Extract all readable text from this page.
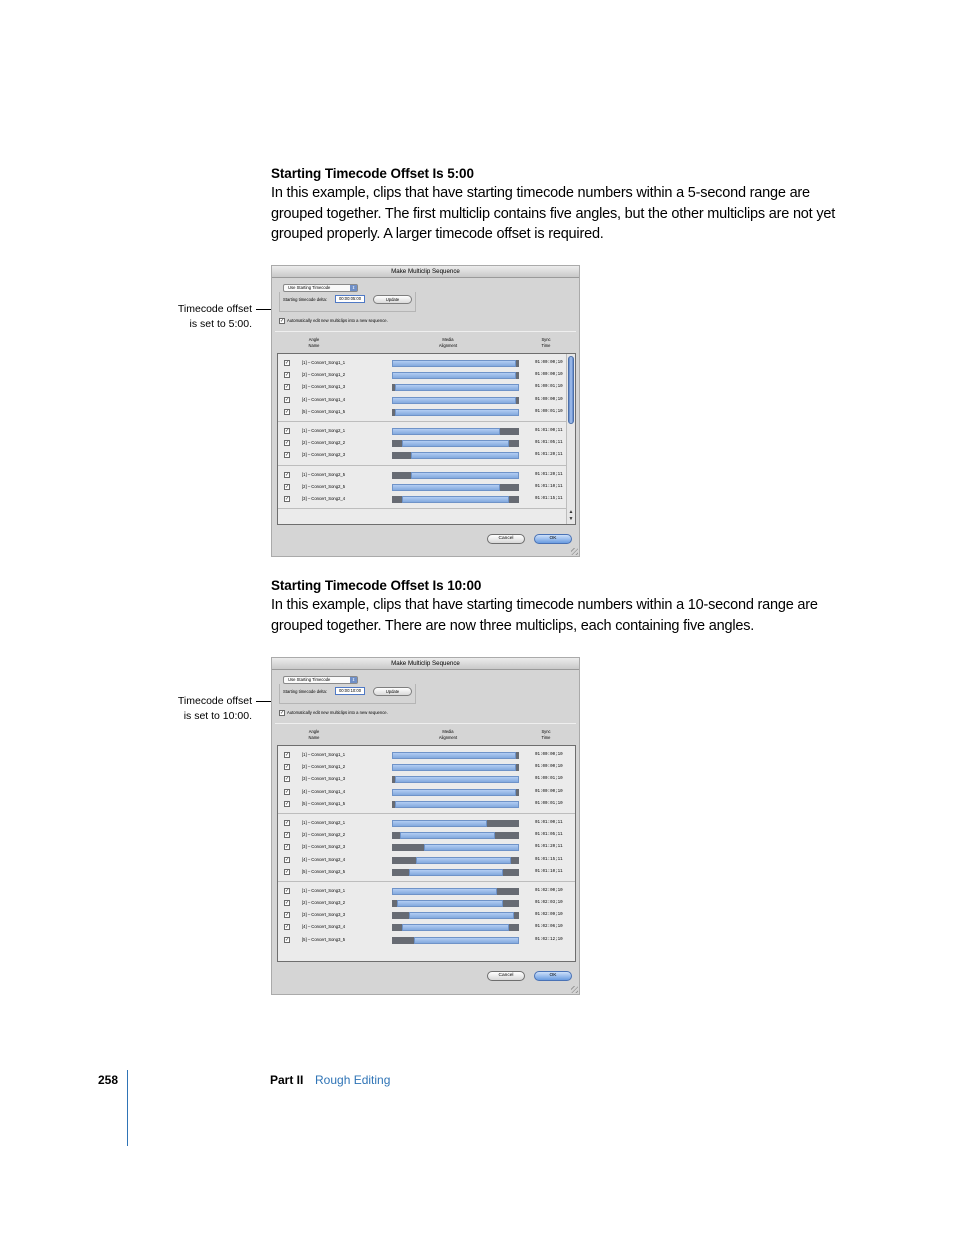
Starting Timecode Offset Is 5:00
In this example, clips that have starting timecode numbers within a 5-second range are grouped together. The first multiclip contains five angles, but the other multiclips are not yet grouped properly. A larger timecode offset is required.
Timecode offset
is set to 5:00.
Make Multiclip Sequence
Use Starting Timecode	⇕
Starting timecode delta:	00:00:05:00	Update
✓ Automatically edit new multiclips into a new sequence.
Angle
Name
Media
Alignment
Sync
Time
✓	[1] – Concert_Song1_1	01:00:00;10
✓	[2] – Concert_Song1_2	01:00:00;10
✓	[3] – Concert_Song1_3	01:00:01;10
✓	[4] – Concert_Song1_4	01:00:00;10
✓	[5] – Concert_Song1_5	01:00:01;10
✓	[1] – Concert_Song2_1	01:01:00;11
✓	[2] – Concert_Song2_2	01:01:05;11
✓	[3] – Concert_Song2_3	01:01:20;11
✓	[1] – Concert_Song2_5	01:01:20;11
✓	[2] – Concert_Song2_5	01:01:10;11
✓	[3] – Concert_Song2_4	01:01:15;11
▲
▼
Cancel	OK
Starting Timecode Offset Is 10:00
In this example, clips that have starting timecode numbers within a 10-second range are grouped together. There are now three multiclips, each containing five angles.
Timecode offset
is set to 10:00.
Make Multiclip Sequence
Use Starting Timecode	⇕
Starting timecode delta:	00:00:10:00	Update
✓ Automatically edit new multiclips into a new sequence.
Angle
Name
Media
Alignment
Sync
Time
✓	[1] – Concert_Song1_1	01:00:00;10
✓	[2] – Concert_Song1_2	01:00:00;10
✓	[3] – Concert_Song1_3	01:00:01;10
✓	[4] – Concert_Song1_4	01:00:00;10
✓	[5] – Concert_Song1_5	01:00:01;10
✓	[1] – Concert_Song2_1	01:01:00;11
✓	[2] – Concert_Song2_2	01:01:05;11
✓	[3] – Concert_Song2_3	01:01:20;11
✓	[4] – Concert_Song2_4	01:01:15;11
✓	[5] – Concert_Song2_5	01:01:10;11
✓	[1] – Concert_Song3_1	01:02:00;10
✓	[2] – Concert_Song3_2	01:02:03;10
✓	[3] – Concert_Song3_3	01:02:09;10
✓	[4] – Concert_Song3_4	01:02:06;10
✓	[5] – Concert_Song3_5	01:02:12;10
Cancel	OK
258	Part II Rough Editing
